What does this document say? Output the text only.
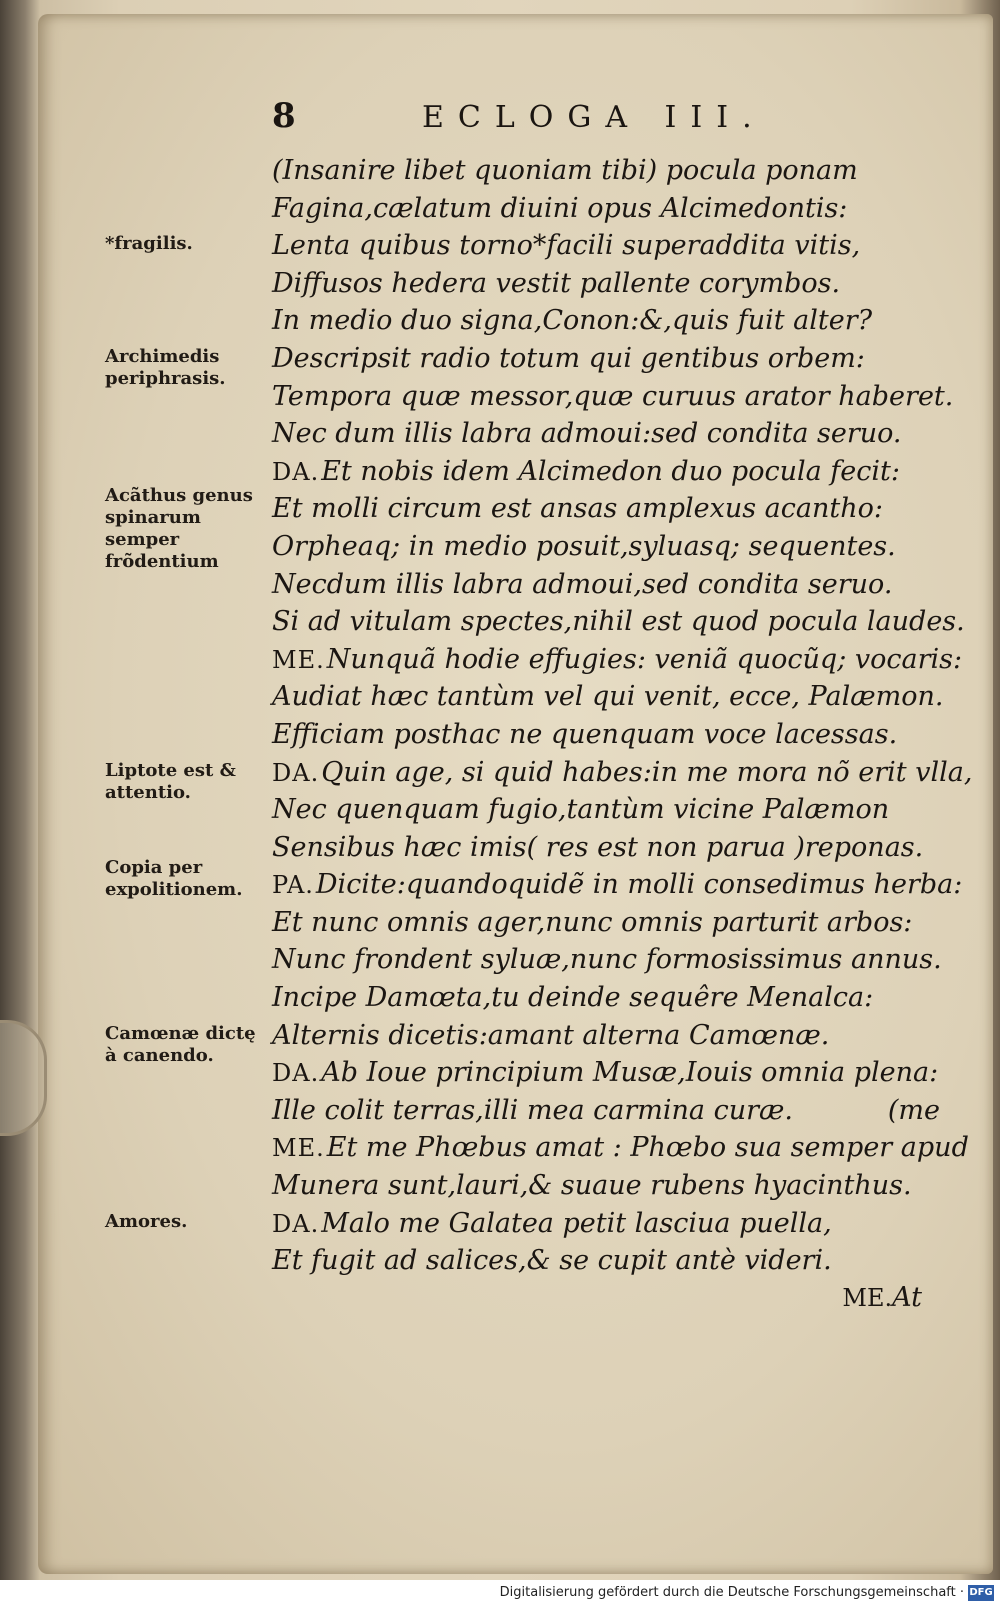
8	ECLOGA III.
(Insanire libet quoniam tibi) pocula ponam
Fagina,cælatum diuini opus Alcimedontis:
Lenta quibus torno*facili superaddita vitis,
Diffusos hedera vestit pallente corymbos.
In medio duo signa,Conon:&,quis fuit alter?
Descripsit radio totum qui gentibus orbem:
Tempora quæ messor,quæ curuus arator haberet.
Nec dum illis labra admoui:sed condita seruo.
DA.Et nobis idem Alcimedon duo pocula fecit:
Et molli circum est ansas amplexus acantho:
Orpheaq; in medio posuit,syluasq; sequentes.
Necdum illis labra admoui,sed condita seruo.
Si ad vitulam spectes,nihil est quod pocula laudes.
ME.Nunquã hodie effugies: veniã quocũq; vocaris:
Audiat hæc tantùm vel qui venit, ecce, Palæmon.
Efficiam posthac ne quenquam voce lacessas.
DA.Quin age, si quid habes:in me mora nõ erit vlla,
Nec quenquam fugio,tantùm vicine Palæmon
Sensibus hæc imis( res est non parua )reponas.
PA.Dicite:quandoquidẽ in molli consedimus herba:
Et nunc omnis ager,nunc omnis parturit arbos:
Nunc frondent syluæ,nunc formosissimus annus.
Incipe Damœta,tu deinde sequêre Menalca:
Alternis dicetis:amant alterna Camœnæ.
DA.Ab Ioue principium Musæ,Iouis omnia plena:
Ille colit terras,illi mea carmina curæ.	(me
ME.Et me Phœbus amat : Phœbo sua semper apud
Munera sunt,lauri,& suaue rubens hyacinthus.
DA.Malo me Galatea petit lasciua puella,
Et fugit ad salices,& se cupit antè videri.
*fragilis.
Archimedis periphrasis.
Acãthus genus spinarum semper frõdentium
Liptote est & attentio.
Copia per expolitionem.
Camœnæ dictę à canendo.
Amores.
ME.At
Digitalisierung gefördert durch die Deutsche Forschungsgemeinschaft · DFG
